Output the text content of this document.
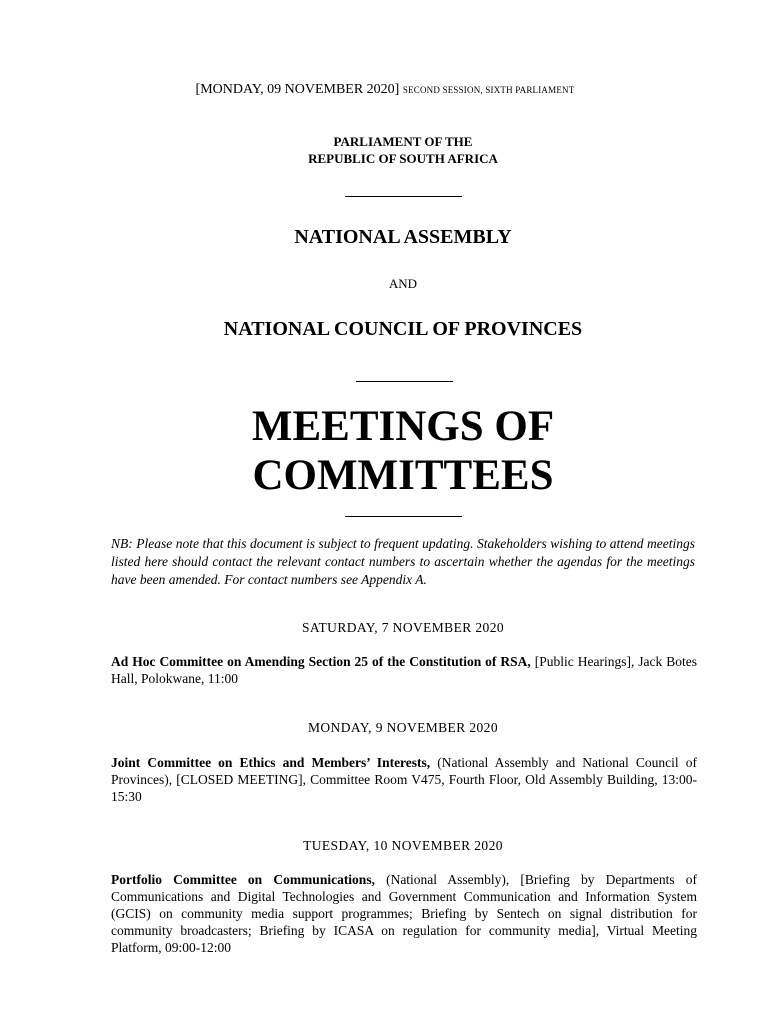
[MONDAY, 09 NOVEMBER 2020] SECOND SESSION, SIXTH PARLIAMENT
PARLIAMENT OF THE
REPUBLIC OF SOUTH AFRICA
NATIONAL ASSEMBLY
AND
NATIONAL COUNCIL OF PROVINCES
MEETINGS OF
COMMITTEES
NB: Please note that this document is subject to frequent updating. Stakeholders wishing to attend meetings listed here should contact the relevant contact numbers to ascertain whether the agendas for the meetings have been amended. For contact numbers see Appendix A.
SATURDAY, 7 NOVEMBER 2020
Ad Hoc Committee on Amending Section 25 of the Constitution of RSA, [Public Hearings], Jack Botes Hall, Polokwane, 11:00
MONDAY, 9 NOVEMBER 2020
Joint Committee on Ethics and Members’ Interests, (National Assembly and National Council of Provinces), [CLOSED MEETING], Committee Room V475, Fourth Floor, Old Assembly Building, 13:00-15:30
TUESDAY, 10 NOVEMBER 2020
Portfolio Committee on Communications, (National Assembly), [Briefing by Departments of Communications and Digital Technologies and Government Communication and Information System (GCIS) on community media support programmes; Briefing by Sentech on signal distribution for community broadcasters; Briefing by ICASA on regulation for community media], Virtual Meeting Platform, 09:00-12:00
